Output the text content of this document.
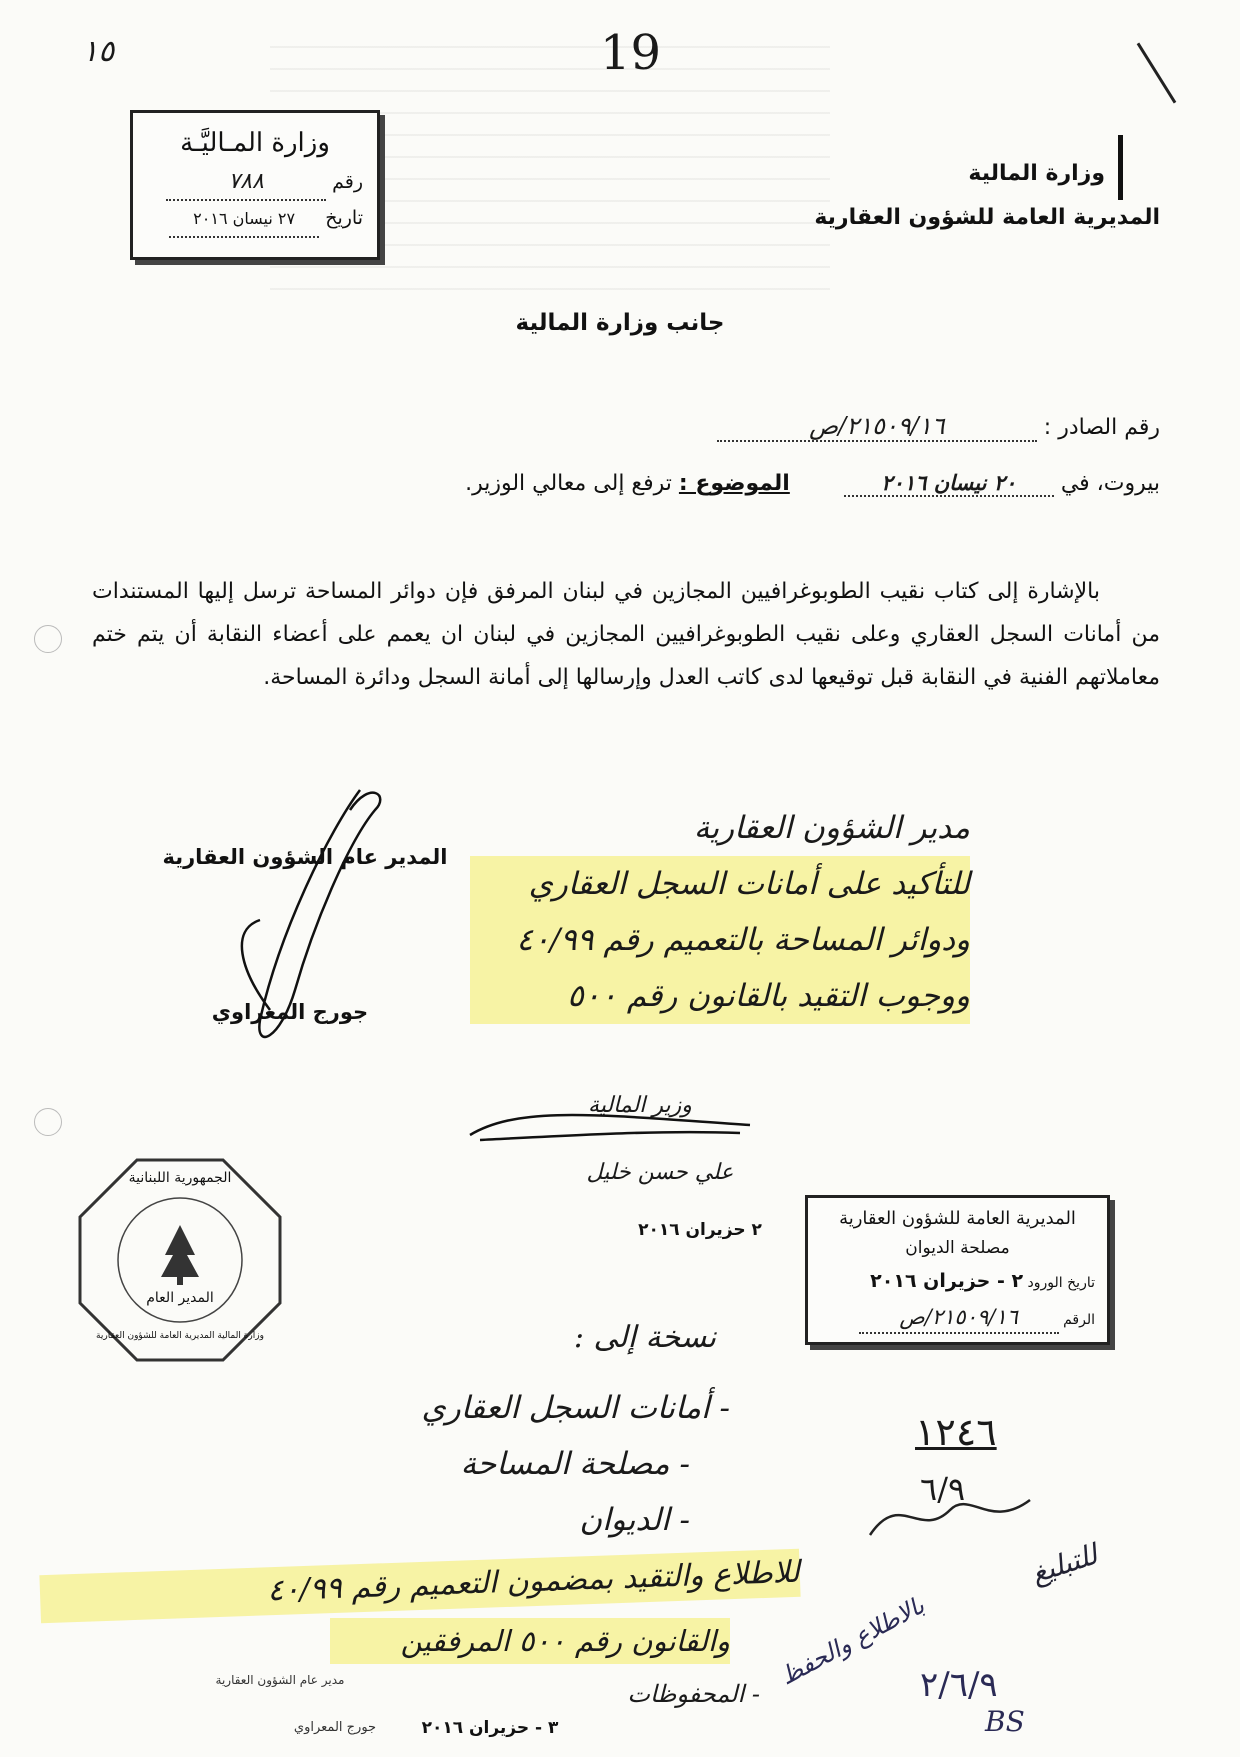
١٥	19
وزارة المالية
المديرية العامة للشؤون العقارية
وزارة المـاليَّـة
رقم ٧٨٨
تاريخ ٢٧ نيسان ٢٠١٦
جانب وزارة المالية
رقم الصادر : ٢١٥٠٩/١٦/ص
بيروت، في ٢٠ نيسان ٢٠١٦  الموضوع : ترفع إلى معالي الوزير.
بالإشارة إلى كتاب نقيب الطوبوغرافيين المجازين في لبنان المرفق فإن دوائر المساحة ترسل إليها المستندات من أمانات السجل العقاري وعلى نقيب الطوبوغرافيين المجازين في لبنان ان يعمم على أعضاء النقابة أن يتم ختم معاملاتهم الفنية في النقابة قبل توقيعها لدى كاتب العدل وإرسالها إلى أمانة السجل ودائرة المساحة.
المدير عام الشؤون العقارية
جورج المعراوي
مدير الشؤون العقارية
للتأكيد على أمانات السجل العقاري
ودوائر المساحة بالتعميم رقم ٤٠/٩٩
ووجوب التقيد بالقانون رقم ٥٠٠
وزير المالية
علي حسن خليل
٢ حزيران ٢٠١٦
المديرية العامة للشؤون العقارية
مصلحة الديوان
تاريخ الورود ٢ - حزيران ٢٠١٦
الرقم ٢١٥٠٩/١٦/ص
الجمهورية اللبنانية
المدير العام
وزارة المالية المديرية العامة للشؤون العقارية	نسخة إلى :
- أمانات السجل العقاري
- مصلحة المساحة
- الديوان
للاطلاع والتقيد بمضمون التعميم رقم ٤٠/٩٩
والقانون رقم ٥٠٠ المرفقين
- المحفوظات
مدير عام الشؤون العقارية
٣ - حزيران ٢٠١٦
جورج المعراوي
١٢٤٦
٦/٩
للتبليغ
بالاطلاع والحفظ
٢/٦/٩
BS
